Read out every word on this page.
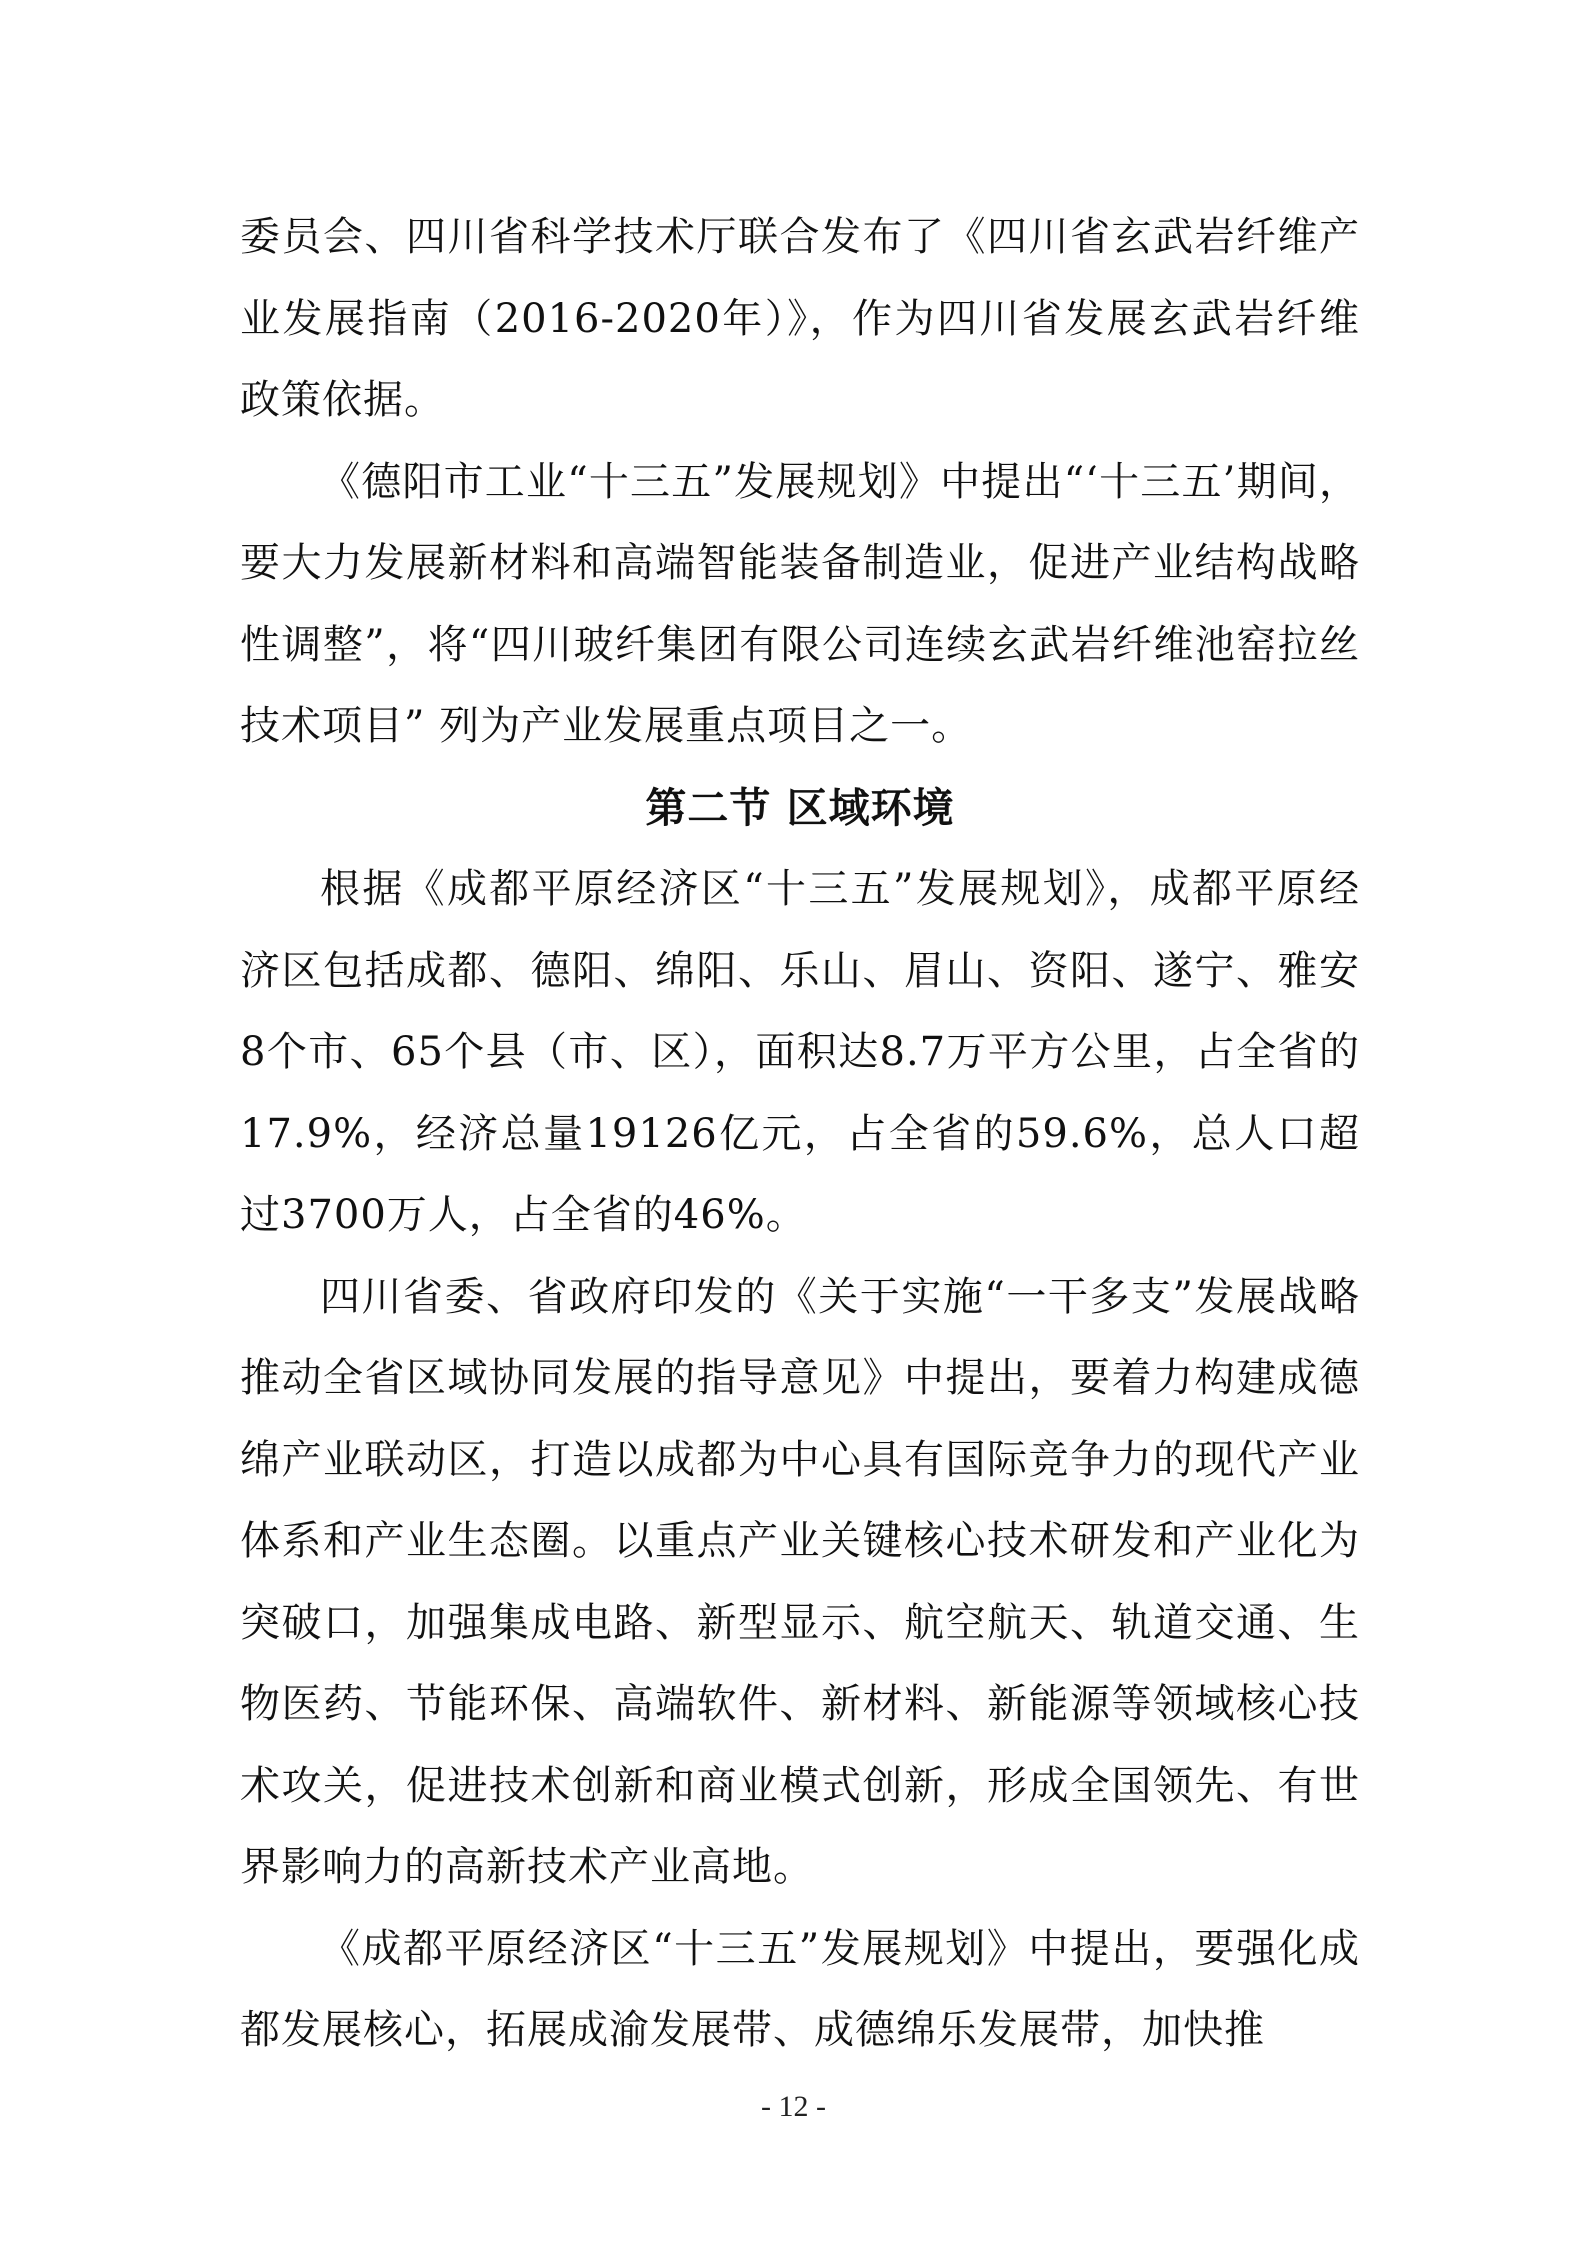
委员会、四川省科学技术厅联合发布了《四川省玄武岩纤维产业发展指南（2016-2020年）》，作为四川省发展玄武岩纤维政策依据。

《德阳市工业“十三五”发展规划》中提出“‘十三五’期间，要大力发展新材料和高端智能装备制造业，促进产业结构战略性调整”，将“四川玻纤集团有限公司连续玄武岩纤维池窑拉丝技术项目” 列为产业发展重点项目之一。

第二节 区域环境

根据《成都平原经济区“十三五”发展规划》，成都平原经济区包括成都、德阳、绵阳、乐山、眉山、资阳、遂宁、雅安8个市、65个县（市、区），面积达8.7万平方公里，占全省的17.9%，经济总量19126亿元，占全省的59.6%，总人口超过3700万人，占全省的46%。

四川省委、省政府印发的《关于实施“一干多支”发展战略推动全省区域协同发展的指导意见》中提出，要着力构建成德绵产业联动区，打造以成都为中心具有国际竞争力的现代产业体系和产业生态圈。以重点产业关键核心技术研发和产业化为突破口，加强集成电路、新型显示、航空航天、轨道交通、生物医药、节能环保、高端软件、新材料、新能源等领域核心技术攻关，促进技术创新和商业模式创新，形成全国领先、有世界影响力的高新技术产业高地。

《成都平原经济区“十三五”发展规划》中提出，要强化成都发展核心，拓展成渝发展带、成德绵乐发展带，加快推

- 12 -
